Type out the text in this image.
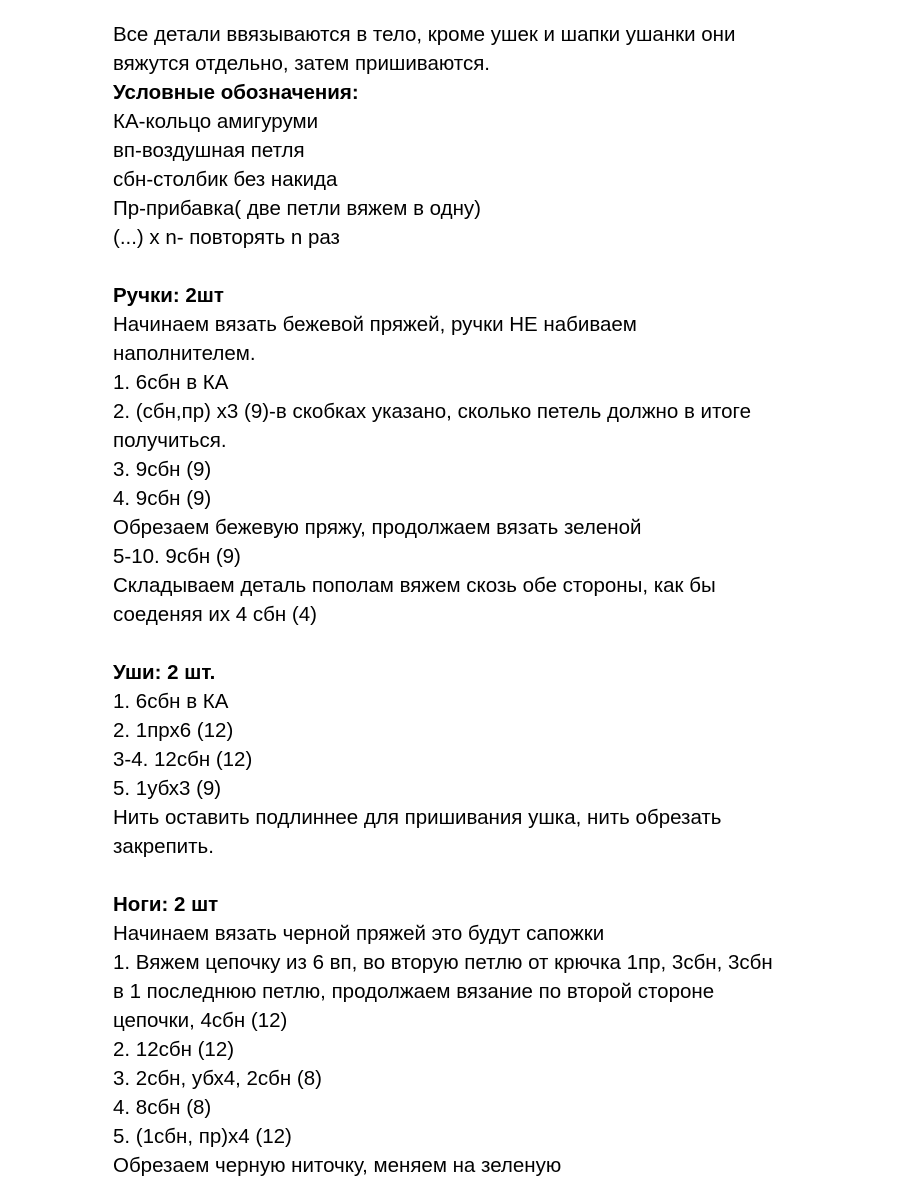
Все детали ввязываются в тело, кроме ушек и шапки ушанки они
вяжутся отдельно, затем пришиваются.
Условные обозначения:
КА-кольцо амигуруми
вп-воздушная петля
сбн-столбик без накида
Пр-прибавка( две петли вяжем в одну)
(...) х n- повторять n раз
Ручки: 2шт
Начинаем вязать бежевой пряжей, ручки НЕ набиваем
наполнителем.
1. 6сбн в КА
2. (сбн,пр) х3 (9)-в скобках указано, сколько петель должно в итоге
получиться.
3. 9сбн (9)
4. 9сбн (9)
Обрезаем бежевую пряжу, продолжаем вязать зеленой
5-10. 9сбн (9)
Складываем деталь пополам вяжем скозь обе стороны, как бы
соеденяя их 4 сбн (4)
Уши: 2 шт.
1. 6сбн в КА
2. 1прх6 (12)
3-4. 12сбн (12)
5. 1убх3 (9)
Нить оставить подлиннее для пришивания ушка, нить обрезать
закрепить.
Ноги: 2 шт
Начинаем вязать черной пряжей это будут сапожки
1. Вяжем цепочку из 6 вп, во вторую петлю от крючка 1пр, 3сбн, 3сбн
в 1 последнюю петлю, продолжаем вязание по второй стороне
цепочки, 4сбн (12)
2. 12сбн (12)
3. 2сбн, убх4, 2сбн (8)
4. 8сбн (8)
5. (1сбн, пр)х4 (12)
Обрезаем черную ниточку, меняем на зеленую
